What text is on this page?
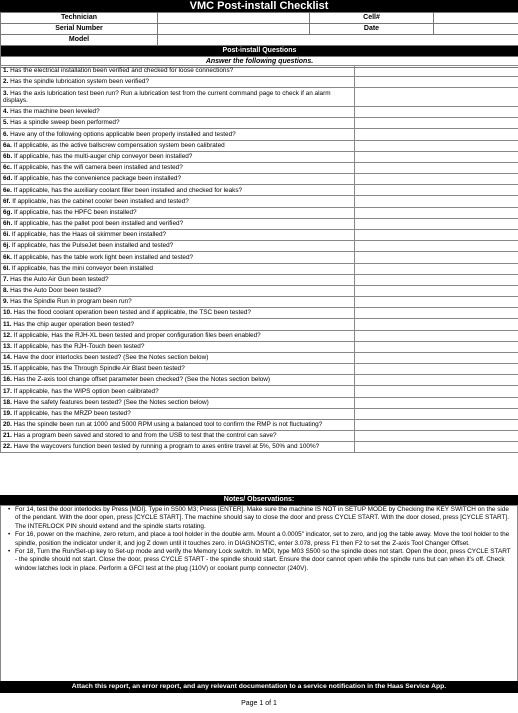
VMC Post-install Checklist
Technician		Cell#	
Serial Number		Date	
Model			
Post-install Questions			
Answer the following questions.			
1. Has the electrical installation been verified and checked for loose connections?	
2. Has the spindle lubrication system been verified?	
3. Has the axis lubrication test been run? Run a lubrication test from the current command page to check if an alarm displays.	
4. Has the machine been leveled?	
5. Has a spindle sweep been performed?	
6. Have any of the following options applicable been properly installed and tested?	
6a. If applicable, as the active ballscrew compensation system been calibrated	
6b. If applicable, has the multi-auger chip conveyor been installed?	
6c. If applicable, has the wifi camera been installed and tested?	
6d. If applicable, has the convenience package been installed?	
6e. If applicable, has the auxiliary coolant filler been installed and checked for leaks?	
6f. If applicable, has the cabinet cooler been installed and tested?	
6g. If applicable, has the HPFC been installed?	
6h. If applicable, has the pallet pool been installed and verified?	
6i. If applicable, has the Haas oil skimmer been installed?	
6j. If applicable, has the PulseJet been installed and tested?	
6k. If applicable, has the table work light been installed and tested?	
6l. If applicable, has the mini conveyor been installed	
7. Has the Auto Air Gun been tested?	
8. Has the Auto Door been tested?	
9. Has the Spindle Run in program been run?	
10. Has the flood coolant operation been tested and if applicable, the TSC been tested?	
11. Has the chip auger operation been tested?	
12. If applicable, Has the RJH-XL been tested and proper configuration files been enabled?	
13. If applicable, has the RJH-Touch been tested?	
14. Have the door interlocks been tested? (See the Notes section below)	
15. If applicable, has the Through Spindle Air Blast been tested?	
16. Has the Z-axis tool change offset parameter been checked? (See the Notes section below)	
17. If applicable, has the WIPS option been calibrated?	
18. Have the safety features been tested? (See the Notes section below)	
19. If applicable, has the MRZP been tested?	
20. Has the spindle been run at 1000 and 5000 RPM using a balanced tool to confirm the RMP is not fluctuating?	
21. Has a program been saved and stored to and from the USB to test that the control can save?	
22. Have the waycovers function been tested by running a program to axes entire travel at 5%, 50% and 100%?	
Notes/ Observations:
• For 14, test the door interlocks by Press [MDI]. Type in S500 M3; Press [ENTER]. Make sure the machine IS NOT in SETUP MODE by Checking the KEY SWITCH on the side of the pendant. With the door open, press [CYCLE START]. The machine should say to close the door and press CYCLE START. With the door closed, press [CYCLE START]. The INTERLOCK PIN should extend and the spindle starts rotating.
• For 16, power on the machine, zero return, and place a tool holder in the double arm. Mount a 0.0005" indicator, set to zero, and jog the table away. Move the tool holder to the spindle, position the indicator under it, and jog Z down until it touches zero. in DIAGNOSTIC, enter 3.078, press F1 then F2 to set the Z-axis Tool Changer Offset.
• For 18, Turn the Run/Set-up key to Set-up mode and verify the Memory Lock switch. In MDI, type M03 S500 so the spindle does not start. Open the door, press CYCLE START - the spindle should not start. Close the door, press CYCLE START - the spindle should start. Ensure the door cannot open while the spindle runs but can when it's off. Check window latches lock in place. Perform a GFCI test at the plug (110V) or coolant pump connector (240V).
Attach this report, an error report, and any relevant documentation to a service notification in the Haas Service App.
Page 1 of 1
